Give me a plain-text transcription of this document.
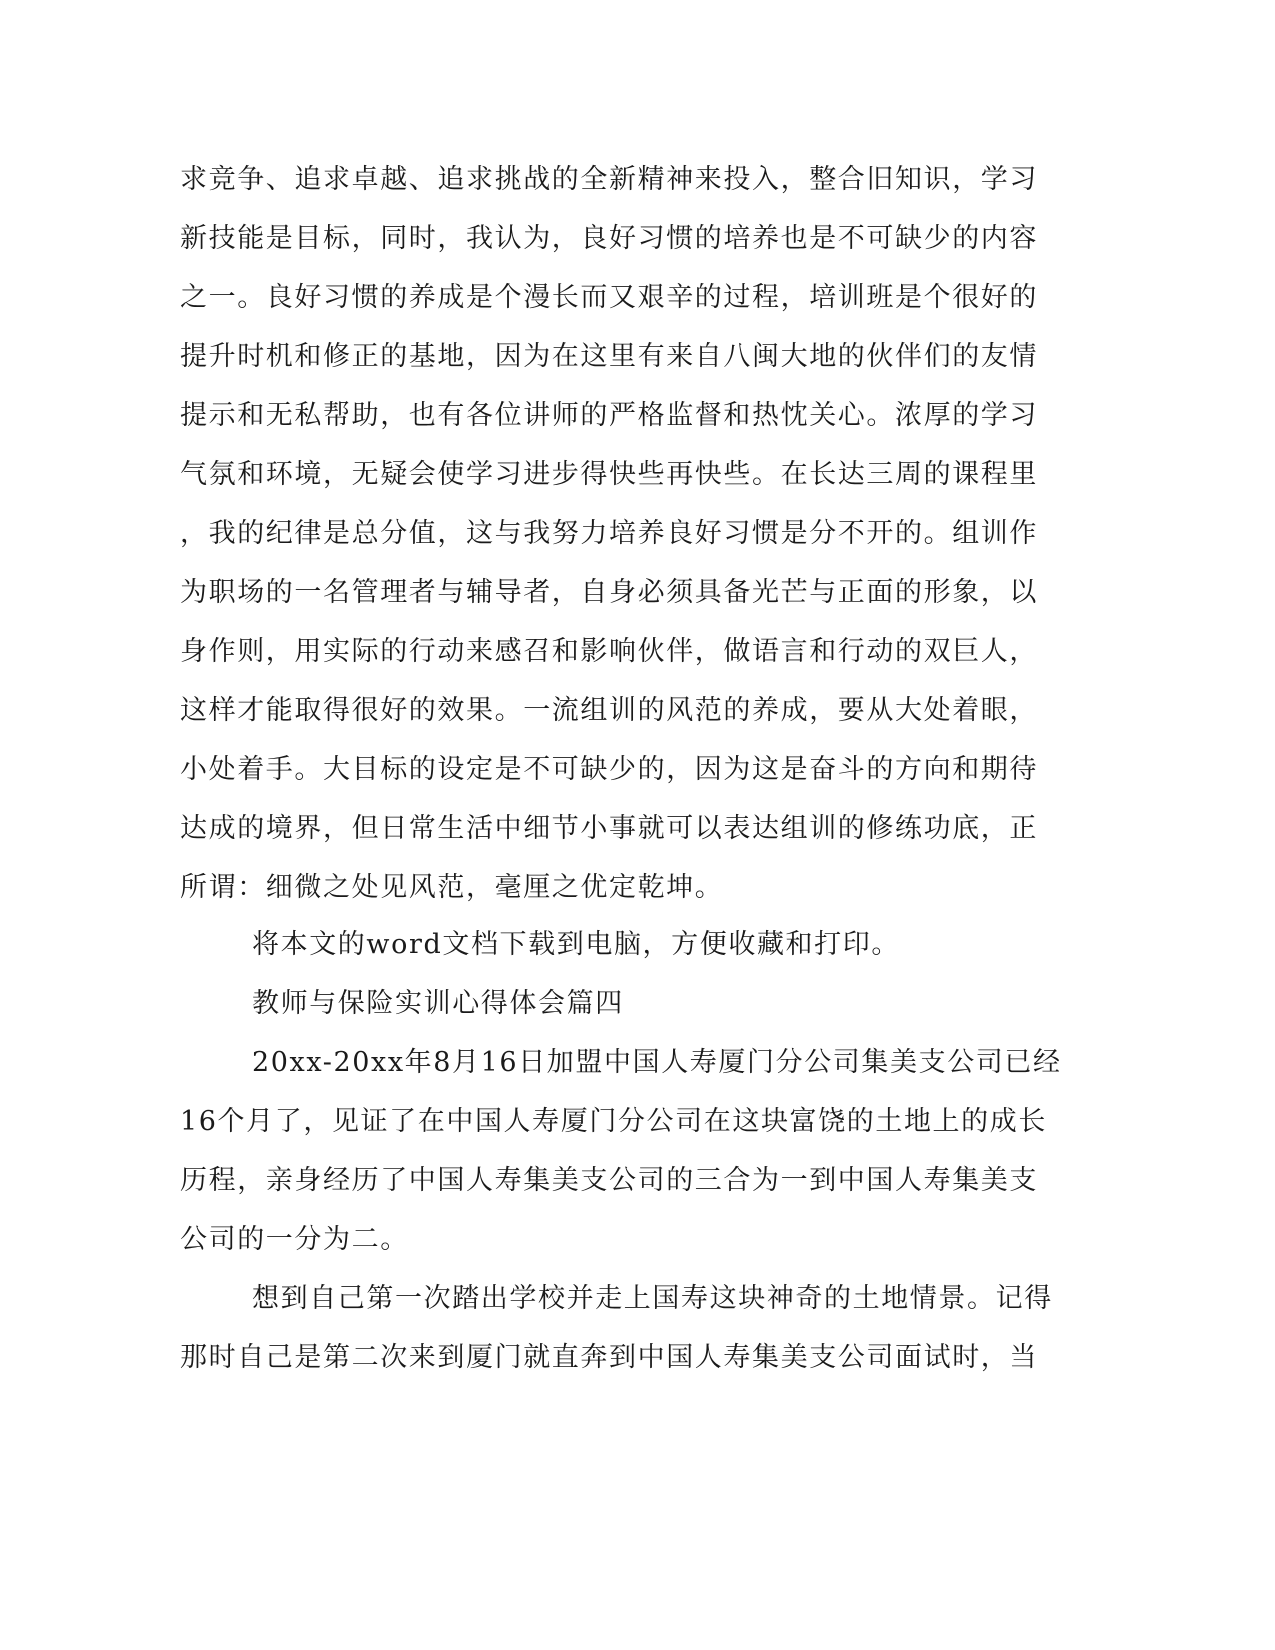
求竞争、追求卓越、追求挑战的全新精神来投入，整合旧知识，学习

新技能是目标，同时，我认为，良好习惯的培养也是不可缺少的内容

之一。良好习惯的养成是个漫长而又艰辛的过程，培训班是个很好的

提升时机和修正的基地，因为在这里有来自八闽大地的伙伴们的友情

提示和无私帮助，也有各位讲师的严格监督和热忱关心。浓厚的学习

气氛和环境，无疑会使学习进步得快些再快些。在长达三周的课程里

，我的纪律是总分值，这与我努力培养良好习惯是分不开的。组训作

为职场的一名管理者与辅导者，自身必须具备光芒与正面的形象，以

身作则，用实际的行动来感召和影响伙伴，做语言和行动的双巨人，

这样才能取得很好的效果。一流组训的风范的养成，要从大处着眼，

小处着手。大目标的设定是不可缺少的，因为这是奋斗的方向和期待

达成的境界，但日常生活中细节小事就可以表达组训的修练功底，正

所谓：细微之处见风范，毫厘之优定乾坤。

将本文的word文档下载到电脑，方便收藏和打印。

教师与保险实训心得体会篇四

20xx-20xx年8月16日加盟中国人寿厦门分公司集美支公司已经

16个月了，见证了在中国人寿厦门分公司在这块富饶的土地上的成长

历程，亲身经历了中国人寿集美支公司的三合为一到中国人寿集美支

公司的一分为二。

想到自己第一次踏出学校并走上国寿这块神奇的土地情景。记得

那时自己是第二次来到厦门就直奔到中国人寿集美支公司面试时，当
